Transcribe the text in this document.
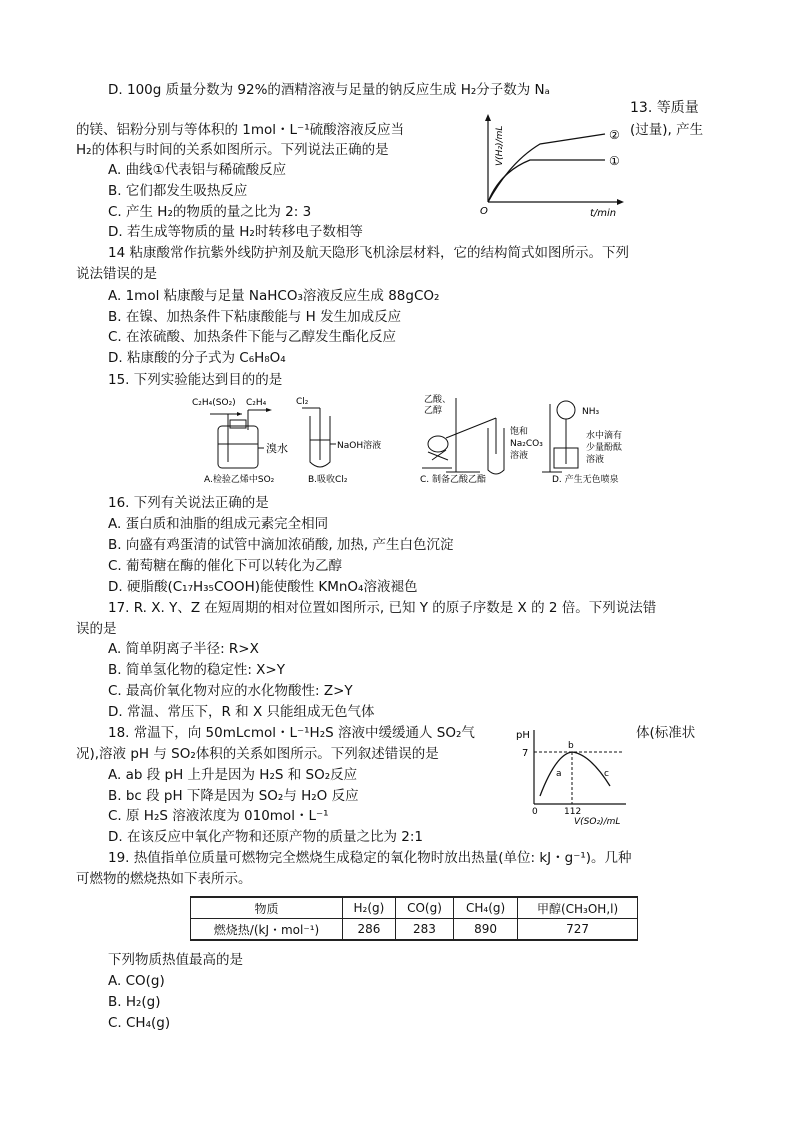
D. 100g 质量分数为 92%的酒精溶液与足量的钠反应生成 H₂分子数为 Nₐ
13. 等质量
的镁、铝粉分别与等体积的 1mol・L⁻¹硫酸溶液反应当	(过量), 产生
H₂的体积与时间的关系如图所示。下列说法正确的是
A. 曲线①代表铝与稀硫酸反应
B. 它们都发生吸热反应
C. 产生 H₂的物质的量之比为 2: 3
D. 若生成等物质的量 H₂时转移电子数相等
V(H₂)/mL
O	t/min
②
①
14 粘康酸常作抗紫外线防护剂及航天隐形飞机涂层材料，它的结构简式如图所示。下列
说法错误的是
A. 1mol 粘康酸与足量 NaHCO₃溶液反应生成 88gCO₂
B. 在镍、加热条件下粘康酸能与 H 发生加成反应
C. 在浓硫酸、加热条件下能与乙醇发生酯化反应
D. 粘康酸的分子式为 C₆H₈O₄
15. 下列实验能达到目的的是
C₂H₄(SO₂) C₂H₄
溴水
A.检验乙烯中SO₂
Cl₂
NaOH溶液
B.吸收Cl₂
乙酸、
乙醇
饱和
Na₂CO₃
溶液
C. 制备乙酸乙酯
NH₃
水中滴有
少量酚酞
溶液
D. 产生无色喷泉
16. 下列有关说法正确的是
A. 蛋白质和油脂的组成元素完全相同
B. 向盛有鸡蛋清的试管中滴加浓硝酸, 加热, 产生白色沉淀
C. 葡萄糖在酶的催化下可以转化为乙醇
D. 硬脂酸(C₁₇H₃₅COOH)能使酸性 KMnO₄溶液褪色
17. R. X. Y、Z 在短周期的相对位置如图所示, 已知 Y 的原子序数是 X 的 2 倍。下列说法错
误的是
A. 简单阴离子半径: R>X
B. 简单氢化物的稳定性: X>Y
C. 最高价氧化物对应的水化物酸性: Z>Y
D. 常温、常压下，R 和 X 只能组成无色气体
18. 常温下，向 50mLcmol・L⁻¹H₂S 溶液中缓缓通人 SO₂气	体(标准状
况),溶液 pH 与 SO₂体积的关系如图所示。下列叙述错误的是
A. ab 段 pH 上升是因为 H₂S 和 SO₂反应
B. bc 段 pH 下降是因为 SO₂与 H₂O 反应
C. 原 H₂S 溶液浓度为 010mol・L⁻¹
D. 在该反应中氧化产物和还原产物的质量之比为 2:1
pH
7
b
a	c
0	112
V(SO₂)/mL
19. 热值指单位质量可燃物完全燃烧生成稳定的氧化物时放出热量(单位: kJ・g⁻¹)。几种
可燃物的燃烧热如下表所示。
物质	H₂(g)	CO(g)	CH₄(g)	甲醇(CH₃OH,l)
燃烧热/(kJ・mol⁻¹)	286	283	890	727
下列物质热值最高的是
A. CO(g)
B. H₂(g)
C. CH₄(g)
